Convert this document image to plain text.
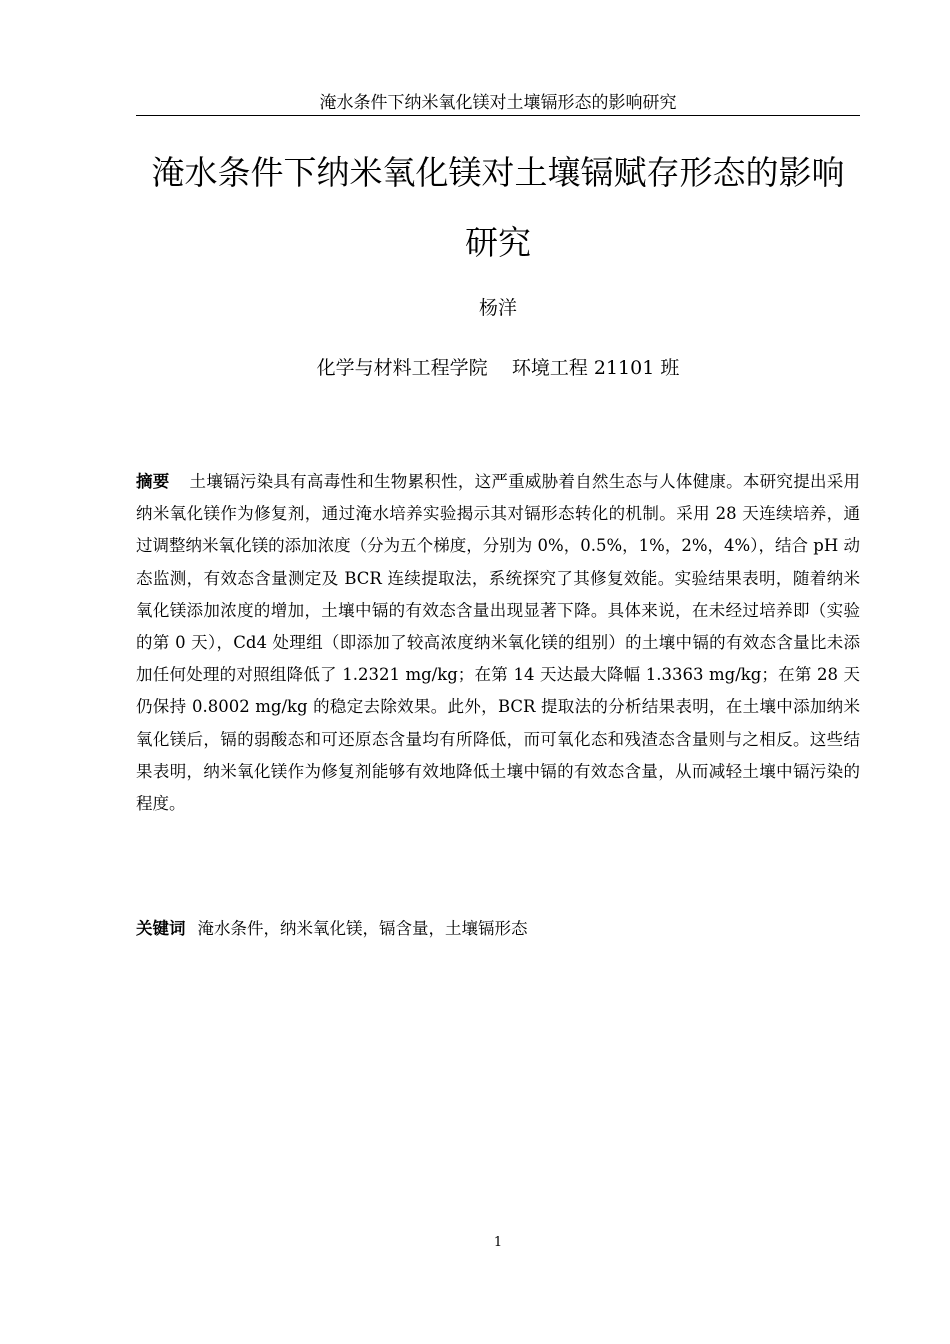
淹水条件下纳米氧化镁对土壤镉形态的影响研究
淹水条件下纳米氧化镁对土壤镉赋存形态的影响研究
杨洋
化学与材料工程学院    环境工程 21101 班

摘要 土壤镉污染具有高毒性和生物累积性，这严重威胁着自然生态与人体健康。本研究提出采用纳米氧化镁作为修复剂，通过淹水培养实验揭示其对镉形态转化的机制。采用 28 天连续培养，通过调整纳米氧化镁的添加浓度（分为五个梯度，分别为 0%，0.5%，1%，2%，4%），结合 pH 动态监测，有效态含量测定及 BCR 连续提取法，系统探究了其修复效能。实验结果表明，随着纳米氧化镁添加浓度的增加，土壤中镉的有效态含量出现显著下降。具体来说，在未经过培养即（实验的第 0 天），Cd4 处理组（即添加了较高浓度纳米氧化镁的组别）的土壤中镉的有效态含量比未添加任何处理的对照组降低了 1.2321 mg/kg；在第 14 天达最大降幅 1.3363 mg/kg；在第 28 天仍保持 0.8002 mg/kg 的稳定去除效果。此外，BCR 提取法的分析结果表明，在土壤中添加纳米氧化镁后，镉的弱酸态和可还原态含量均有所降低，而可氧化态和残渣态含量则与之相反。这些结果表明，纳米氧化镁作为修复剂能够有效地降低土壤中镉的有效态含量，从而减轻土壤中镉污染的程度。

关键词 淹水条件，纳米氧化镁，镉含量，土壤镉形态

1
